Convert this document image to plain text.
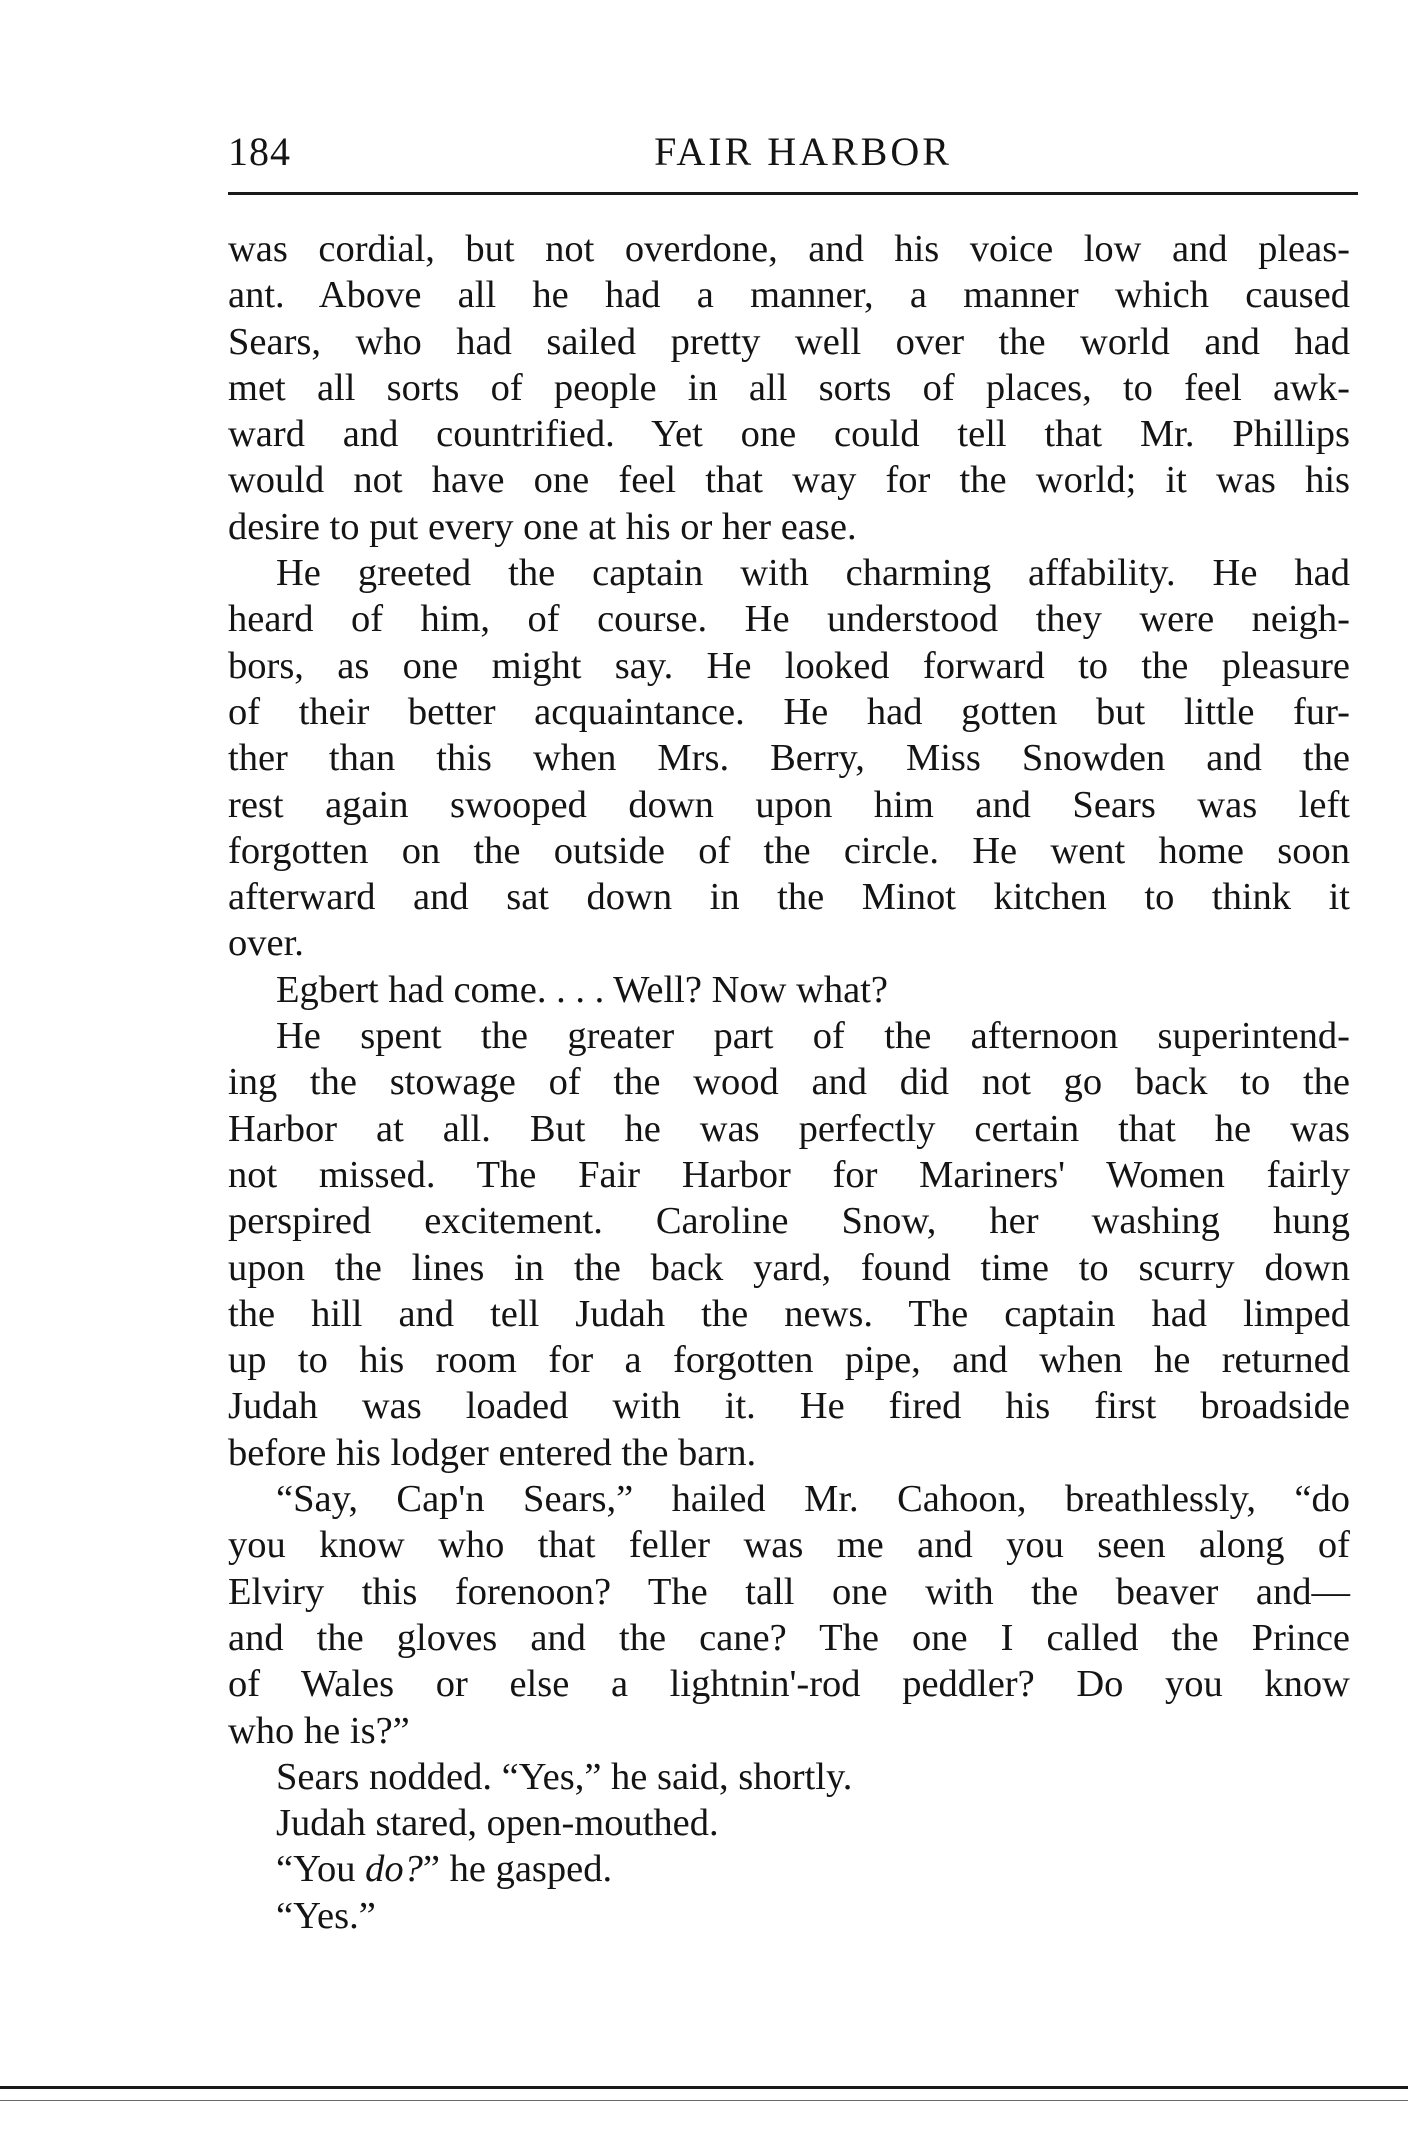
184	FAIR HARBOR
was cordial, but not overdone, and his voice low and pleas-
ant. Above all he had a manner, a manner which caused
Sears, who had sailed pretty well over the world and had
met all sorts of people in all sorts of places, to feel awk-
ward and countrified. Yet one could tell that Mr. Phillips
would not have one feel that way for the world; it was his
desire to put every one at his or her ease.
He greeted the captain with charming affability. He had
heard of him, of course. He understood they were neigh-
bors, as one might say. He looked forward to the pleasure
of their better acquaintance. He had gotten but little fur-
ther than this when Mrs. Berry, Miss Snowden and the
rest again swooped down upon him and Sears was left
forgotten on the outside of the circle. He went home soon
afterward and sat down in the Minot kitchen to think it
over.
Egbert had come. . . . Well? Now what?
He spent the greater part of the afternoon superintend-
ing the stowage of the wood and did not go back to the
Harbor at all. But he was perfectly certain that he was
not missed. The Fair Harbor for Mariners' Women fairly
perspired excitement. Caroline Snow, her washing hung
upon the lines in the back yard, found time to scurry down
the hill and tell Judah the news. The captain had limped
up to his room for a forgotten pipe, and when he returned
Judah was loaded with it. He fired his first broadside
before his lodger entered the barn.
“Say, Cap'n Sears,” hailed Mr. Cahoon, breathlessly, “do
you know who that feller was me and you seen along of
Elviry this forenoon? The tall one with the beaver and—
and the gloves and the cane? The one I called the Prince
of Wales or else a lightnin'-rod peddler? Do you know
who he is?”
Sears nodded. “Yes,” he said, shortly.
Judah stared, open-mouthed.
“You do?” he gasped.
“Yes.”
